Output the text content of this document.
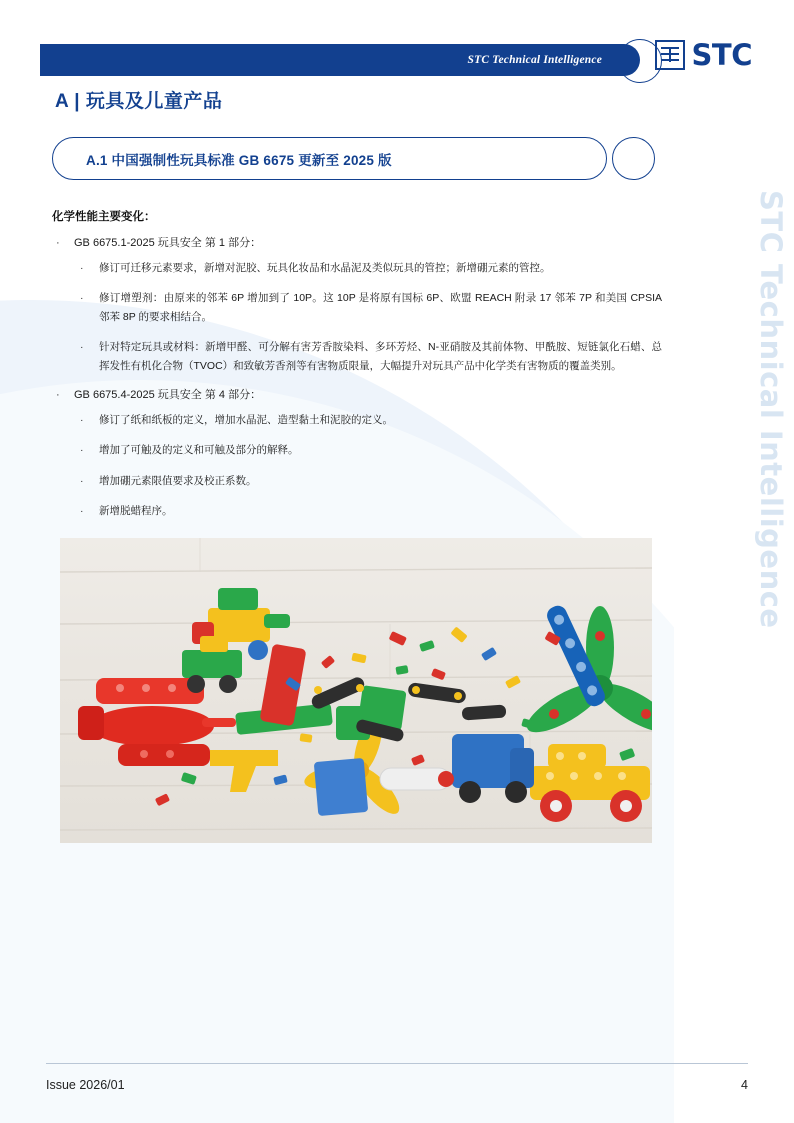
STC Technical Intelligence	STC
A | 玩具及儿童产品
A.1 中国强制性玩具标准 GB 6675 更新至 2025 版
化学性能主要变化：
· GB 6675.1-2025 玩具安全 第 1 部分：
· 修订可迁移元素要求，新增对泥胶、玩具化妆品和水晶泥及类似玩具的管控；新增硼元素的管控。
· 修订增塑剂：由原来的邻苯 6P 增加到了 10P。这 10P 是将原有国标 6P、欧盟 REACH 附录 17 邻苯 7P 和美国 CPSIA 邻苯 8P 的要求相结合。
· 针对特定玩具或材料：新增甲醛、可分解有害芳香胺染料、多环芳烃、N-亚硝胺及其前体物、甲酰胺、短链氯化石蜡、总挥发性有机化合物（TVOC）和致敏芳香剂等有害物质限量，大幅提升对玩具产品中化学类有害物质的覆盖类别。
· GB 6675.4-2025 玩具安全 第 4 部分：
· 修订了纸和纸板的定义，增加水晶泥、造型黏土和泥胶的定义。
· 增加了可触及的定义和可触及部分的解释。
· 增加硼元素限值要求及校正系数。
· 新增脱蜡程序。	STC Technical Intelligence
Issue 2026/01	4
